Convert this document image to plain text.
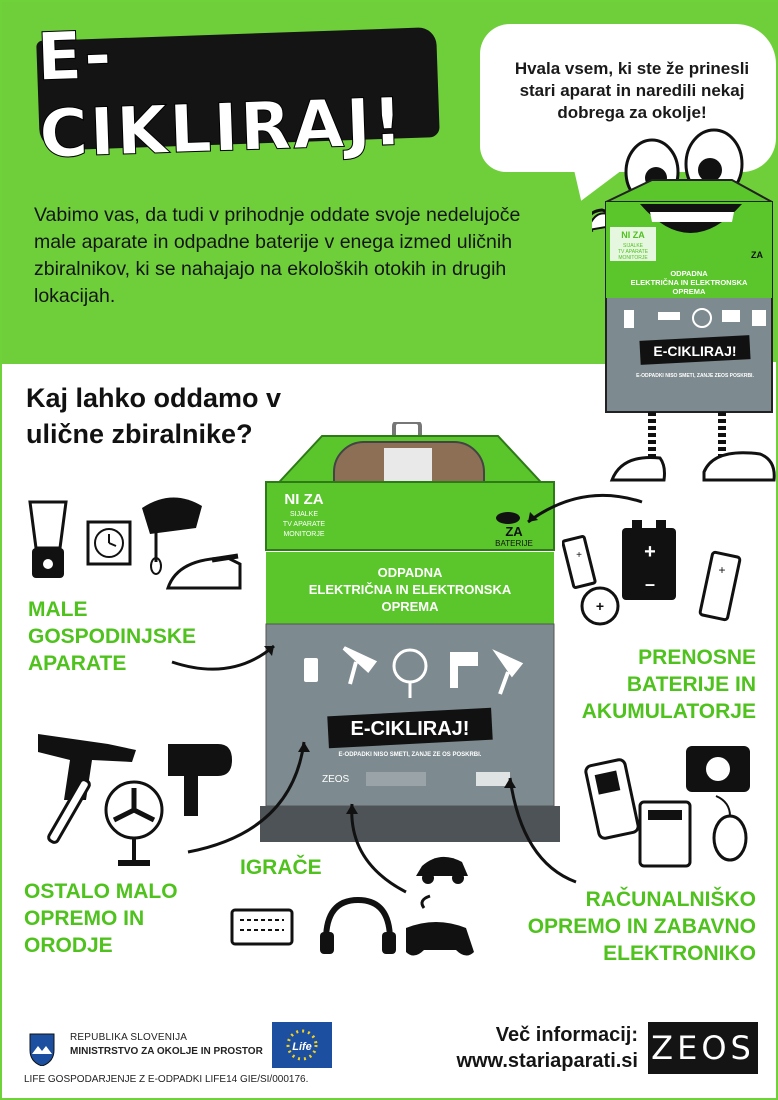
E-CIKLIRAJ!
Hvala vsem, ki ste že prinesli stari aparat in naredili nekaj dobrega za okolje!
Vabimo vas, da tudi v prihodnje oddate svoje nedelujoče male aparate in odpadne baterije v enega izmed uličnih zbiralnikov, ki se nahajajo na ekoloških otokih in drugih lokacijah.
NI ZA
SIJALKE
TV APARATE
MONITORJE	ZA
ODPADNA
ELEKTRIČNA IN ELEKTRONSKA
OPREMA
E-CIKLIRAJ!
E-ODPADKI NISO SMETI, ZANJE ZEOS POSKRBI.
Kaj lahko oddamo v
ulične zbiralnike?
NI ZA
SIJALKE
TV APARATE
MONITORJE	ZA
BATERIJE
ODPADNA
ELEKTRIČNA IN ELEKTRONSKA
OPREMA
E-CIKLIRAJ!
E-ODPADKI NISO SMETI, ZANJE ZE OS POSKRBI.
ZEOS
+	+
–
+
+
MALE
GOSPODINJSKE
APARATE	PRENOSNE
BATERIJE IN
AKUMULATORJE
OSTALO MALO
OPREMO IN
ORODJE
IGRAČE
RAČUNALNIŠKO
OPREMO IN ZABAVNO
ELEKTRONIKO
REPUBLIKA SLOVENIJA
MINISTRSTVO ZA OKOLJE IN PROSTOR	Life
LIFE GOSPODARJENJE Z E-ODPADKI LIFE14 GIE/SI/000176.
Več informacij:
www.stariaparati.si ZEOS
